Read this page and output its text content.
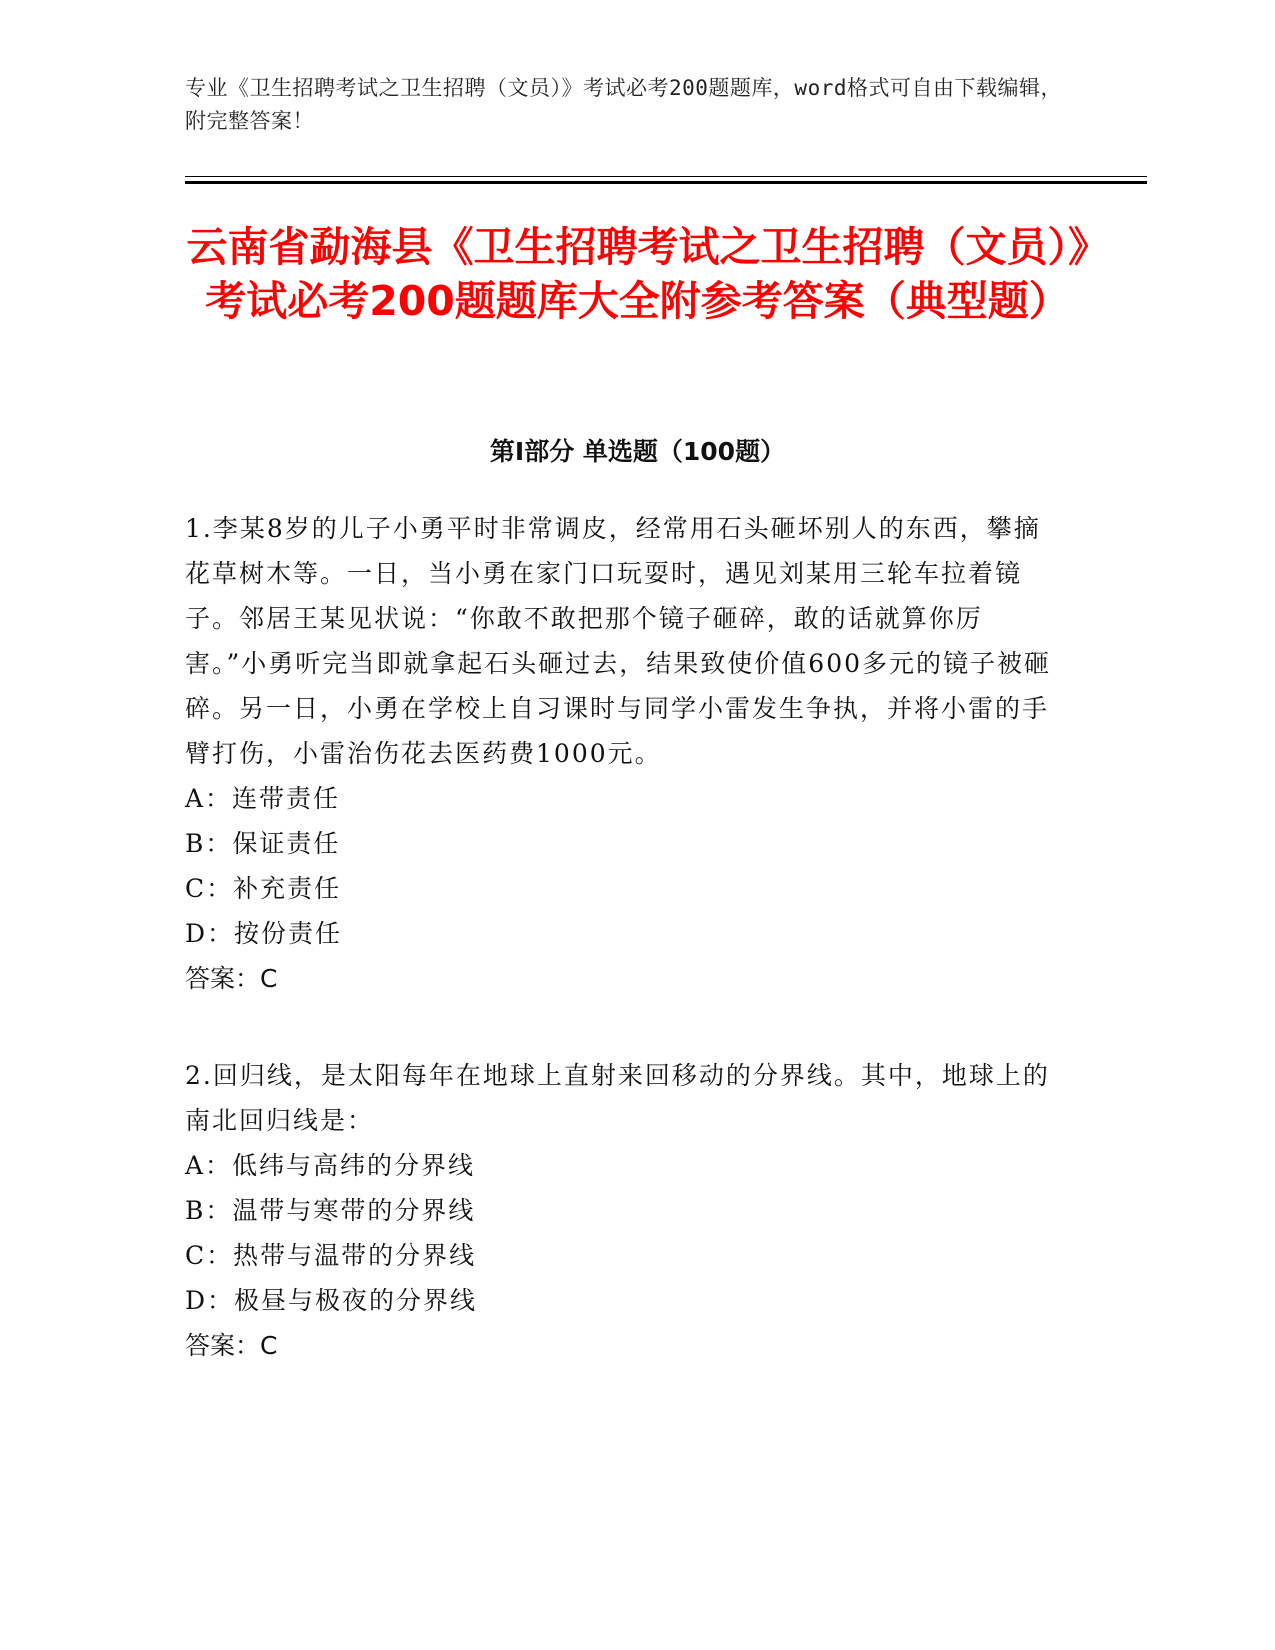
专业《卫生招聘考试之卫生招聘（文员）》考试必考200题题库，word格式可自由下载编辑，附完整答案！

云南省勐海县《卫生招聘考试之卫生招聘（文员）》考试必考200题题库大全附参考答案（典型题）
第I部分 单选题（100题）

1.李某8岁的儿子小勇平时非常调皮，经常用石头砸坏别人的东西，攀摘花草树木等。一日，当小勇在家门口玩耍时，遇见刘某用三轮车拉着镜子。邻居王某见状说：“你敢不敢把那个镜子砸碎，敢的话就算你厉害。”小勇听完当即就拿起石头砸过去，结果致使价值600多元的镜子被砸碎。另一日，小勇在学校上自习课时与同学小雷发生争执，并将小雷的手臂打伤，小雷治伤花去医药费1000元。

A：连带责任

B：保证责任

C：补充责任

D：按份责任

答案：C

2.回归线，是太阳每年在地球上直射来回移动的分界线。其中，地球上的南北回归线是：

A：低纬与高纬的分界线

B：温带与寒带的分界线

C：热带与温带的分界线

D：极昼与极夜的分界线

答案：C
